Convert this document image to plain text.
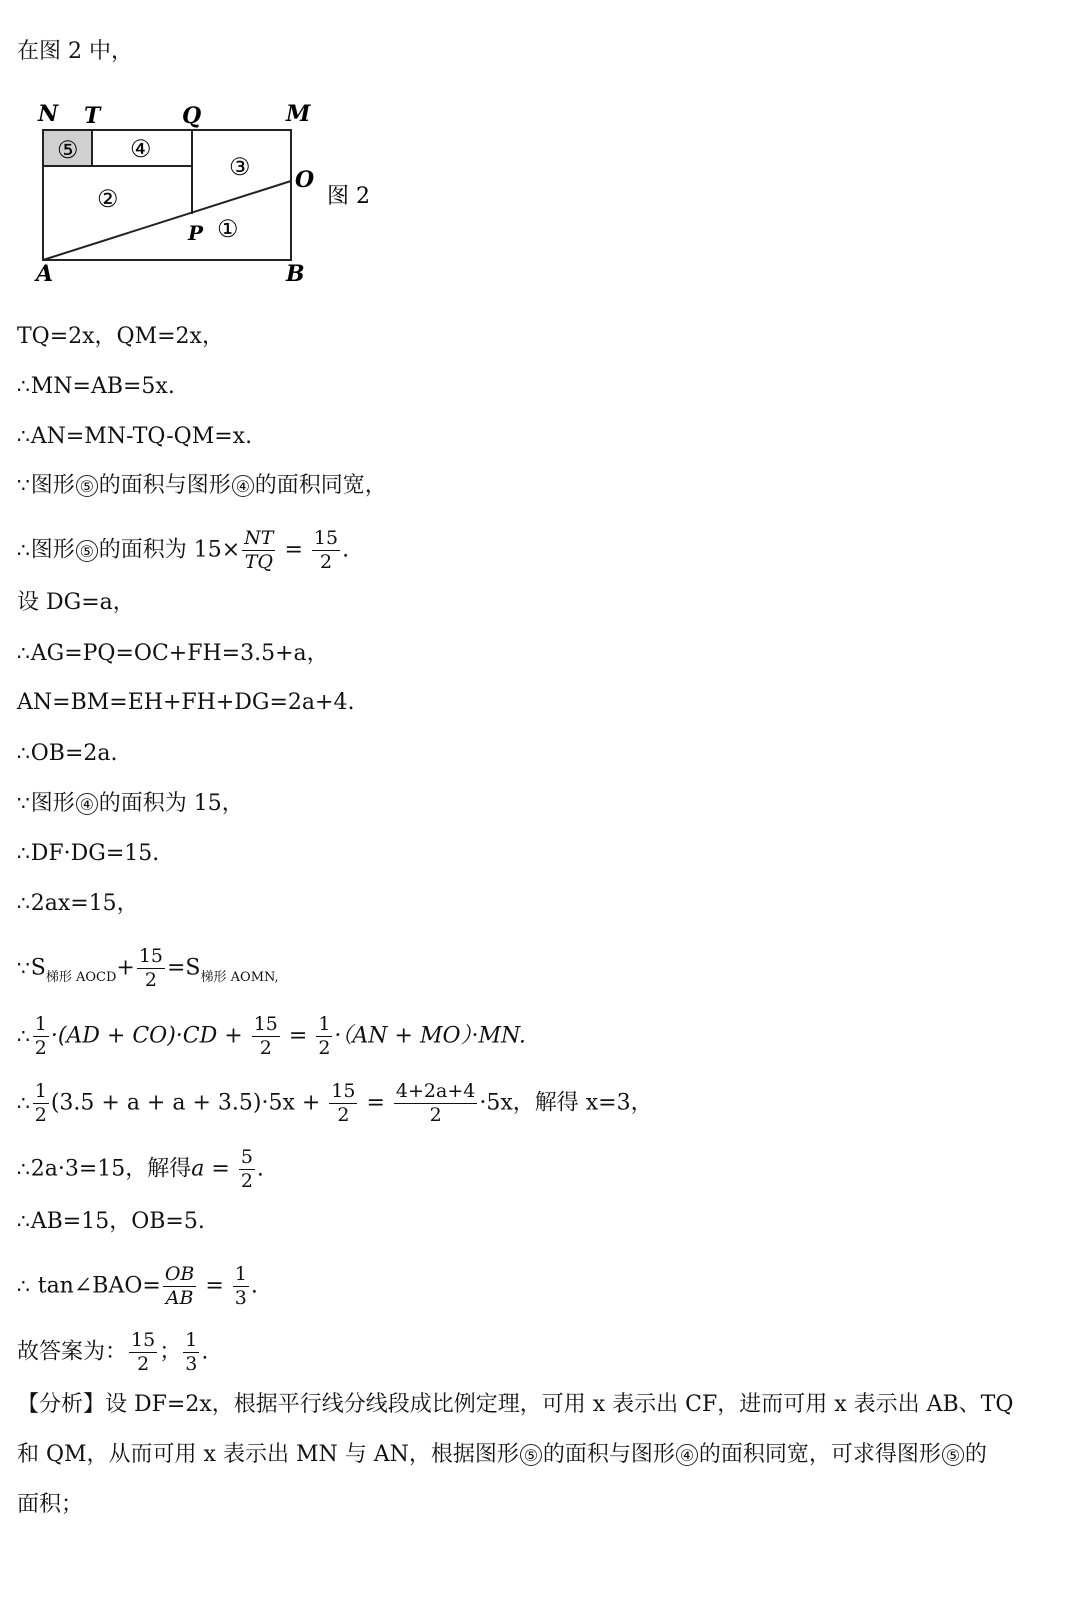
在图 2 中，
N T	Q	M
O
P
A	B
⑤ ④
③
②
①
图 2
TQ=2x，QM=2x，
∴MN=AB=5x.
∴AN=MN-TQ-QM=x.
∵图形 ⑤ 的面积与图形 ④ 的面积同宽，
∴图形 ⑤ 的面积为 $15\times \frac{NT}{TQ} = \frac{15}{2}$ .
设 DG=a，
∴AG=PQ=OC+FH=3.5+a，
AN=BM=EH+FH+DG=2a+4.
∴OB=2a.
∵图形 ④ 的面积为 15，
∴DF·DG=15.
∴2ax=15，
$\because S_{梯形 AOCD}+ \frac{15}{2} =S_{梯形 AOMN,}$
∴ $\frac{1}{2} \cdot(AD + CO)\cdot CD + \frac{15}{2} = \frac{1}{2} \cdot(AN + MO)\cdot MN$.
∴ $\frac{1}{2} (3.5 + a + a + 3.5)\cdot 5x + \frac{15}{2} = \frac{4+2a+4}{2} \cdot 5x$，解得 x=3，
∴2a·3=15，解得$a = \frac{5}{2}$ .
∴AB=15，OB=5.
∴ tan∠BAO= $\frac{OB}{AB} = \frac{1}{3}$ .
故答案为： $\frac{15}{2}$ ； $\frac{1}{3}$ .
【分析】设 DF=2x，根据平行线分线段成比例定理，可用 x 表示出 CF，进而可用 x 表示出 AB、TQ
和 QM，从而可用 x 表示出 MN 与 AN，根据图形 ⑤ 的面积与图形 ④ 的面积同宽，可求得图形 ⑤ 的
面积；
